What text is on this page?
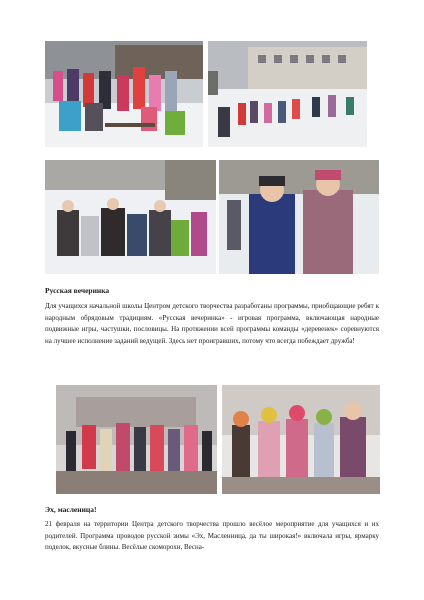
Русская вечеринка

Для учащихся начальной школы Центром детского творчества разработаны программы, приобщающие ребят к народным обрядовым традициям. «Русская вечеринка» - игровая программа, включающая народные подвижные игры, частушки, пословицы. На протяжении всей программы команды «деревенек» соревнуются на лучшее исполнение заданий ведущей. Здесь нет проигравших, потому что всегда побеждает дружба!

Эх, масленица!

21 февраля на территории Центра детского творчества прошло весёлое мероприятие для учащихся и их родителей. Программа проводов русской зимы «Эх, Масленница, да ты широкая!» включала игры, ярмарку поделок, вкусные блины. Весёлые скоморохи, Весна-
